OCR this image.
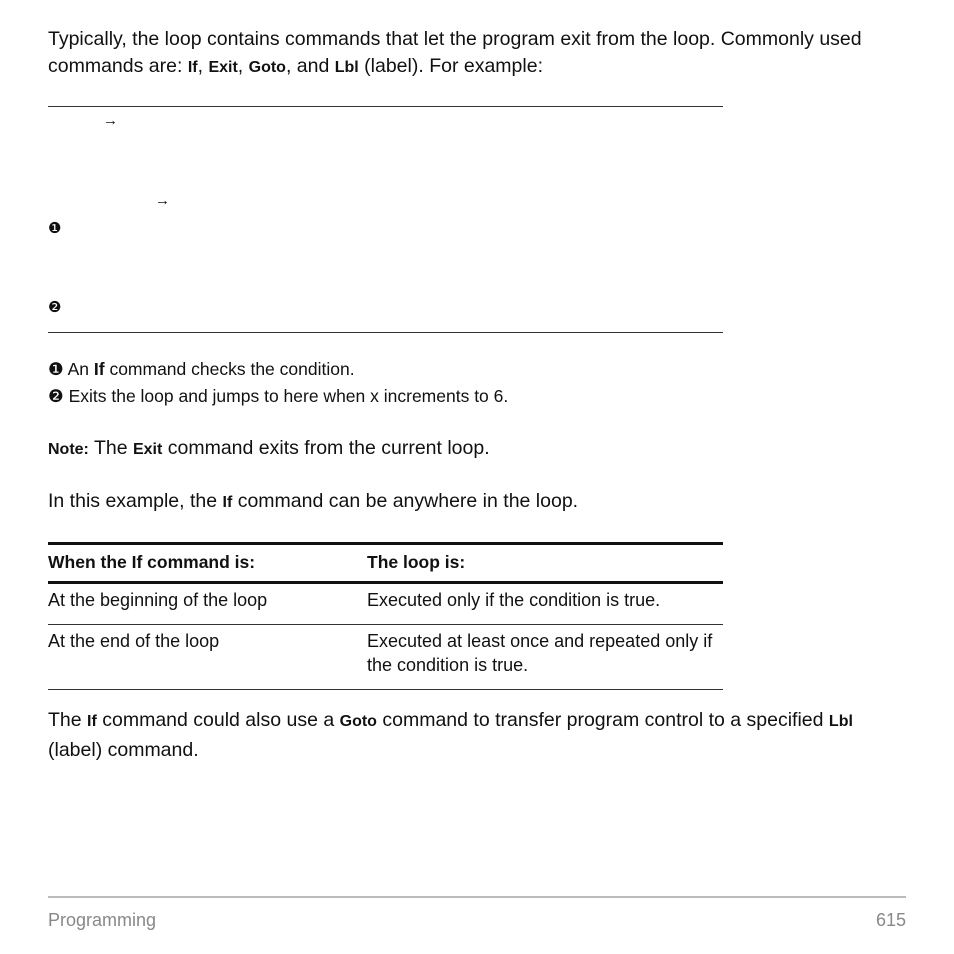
Typically, the loop contains commands that let the program exit from the loop. Commonly used commands are: If, Exit, Goto, and Lbl (label). For example:
→
→
❶
❷
❶ An If command checks the condition.
❷ Exits the loop and jumps to here when x increments to 6.
Note: The Exit command exits from the current loop.
In this example, the If command can be anywhere in the loop.
When the If command is:	The loop is:
At the beginning of the loop	Executed only if the condition is true.
At the end of the loop	Executed at least once and repeated only if the condition is true.
The If command could also use a Goto command to transfer program control to a specified Lbl (label) command.
Programming	615
